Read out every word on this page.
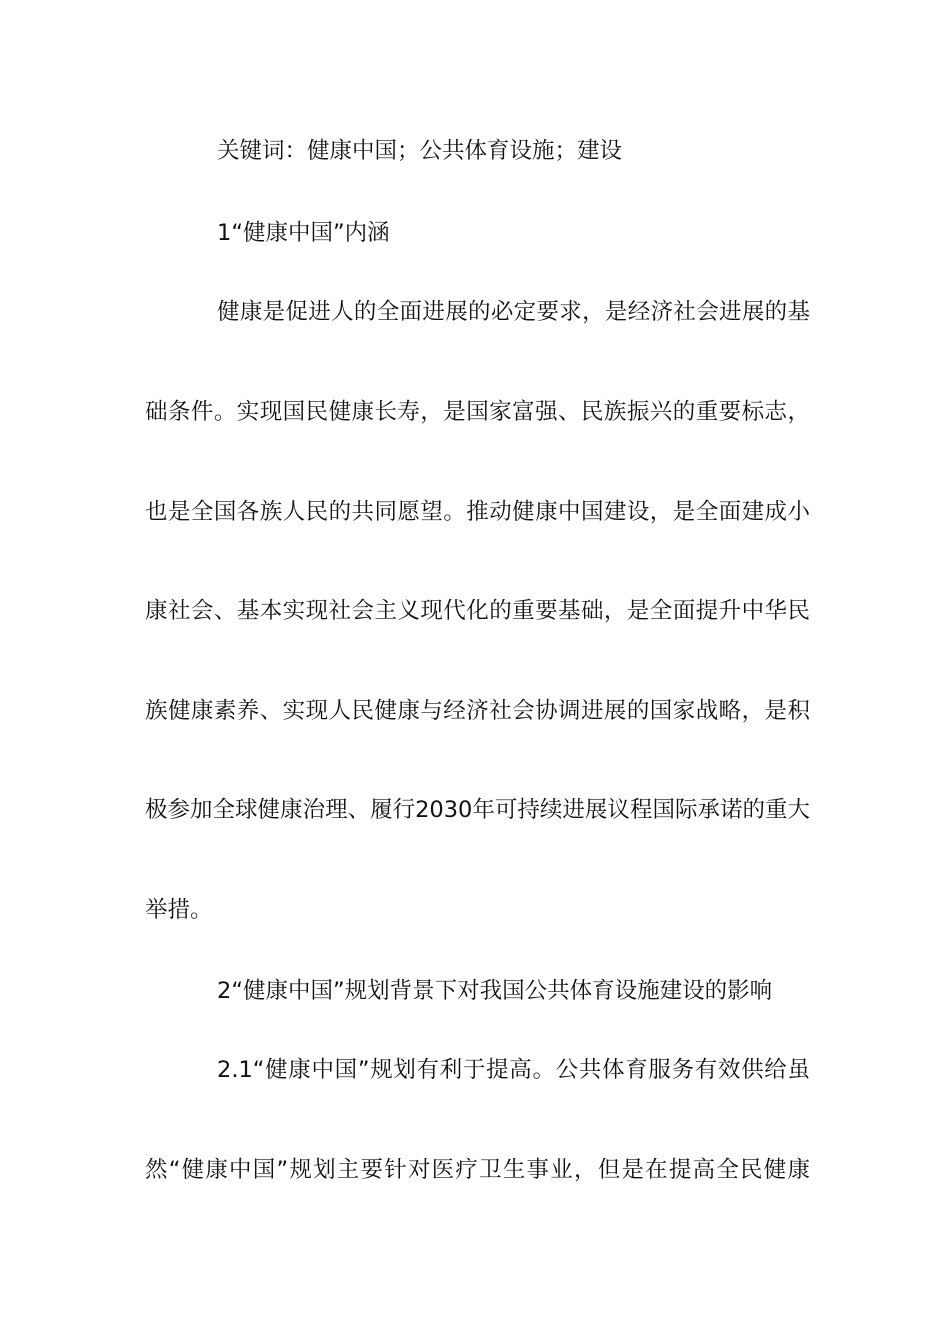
关键词：健康中国；公共体育设施；建设
1“健康中国”内涵
健康是促进人的全面进展的必定要求，是经济社会进展的基
础条件。实现国民健康长寿，是国家富强、民族振兴的重要标志，
也是全国各族人民的共同愿望。推动健康中国建设，是全面建成小
康社会、基本实现社会主义现代化的重要基础，是全面提升中华民
族健康素养、实现人民健康与经济社会协调进展的国家战略，是积
极参加全球健康治理、履行2030年可持续进展议程国际承诺的重大
举措。
2“健康中国”规划背景下对我国公共体育设施建设的影响
2.1“健康中国”规划有利于提高。公共体育服务有效供给虽
然“健康中国”规划主要针对医疗卫生事业，但是在提高全民健康
